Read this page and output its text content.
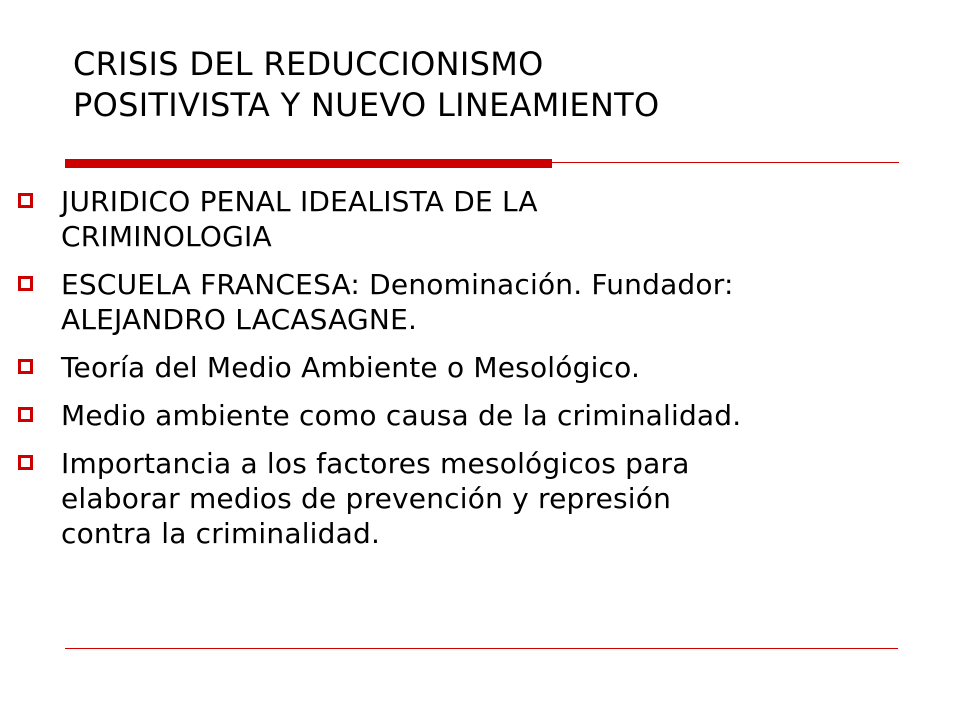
CRISIS DEL REDUCCIONISMO
POSITIVISTA Y NUEVO LINEAMIENTO
JURIDICO PENAL IDEALISTA DE LA
CRIMINOLOGIA
ESCUELA FRANCESA: Denominación. Fundador:
ALEJANDRO LACASAGNE.
Teoría del Medio Ambiente o Mesológico.
Medio ambiente como causa de la criminalidad.
Importancia a los factores mesológicos para
elaborar medios de prevención y represión
contra la criminalidad.
